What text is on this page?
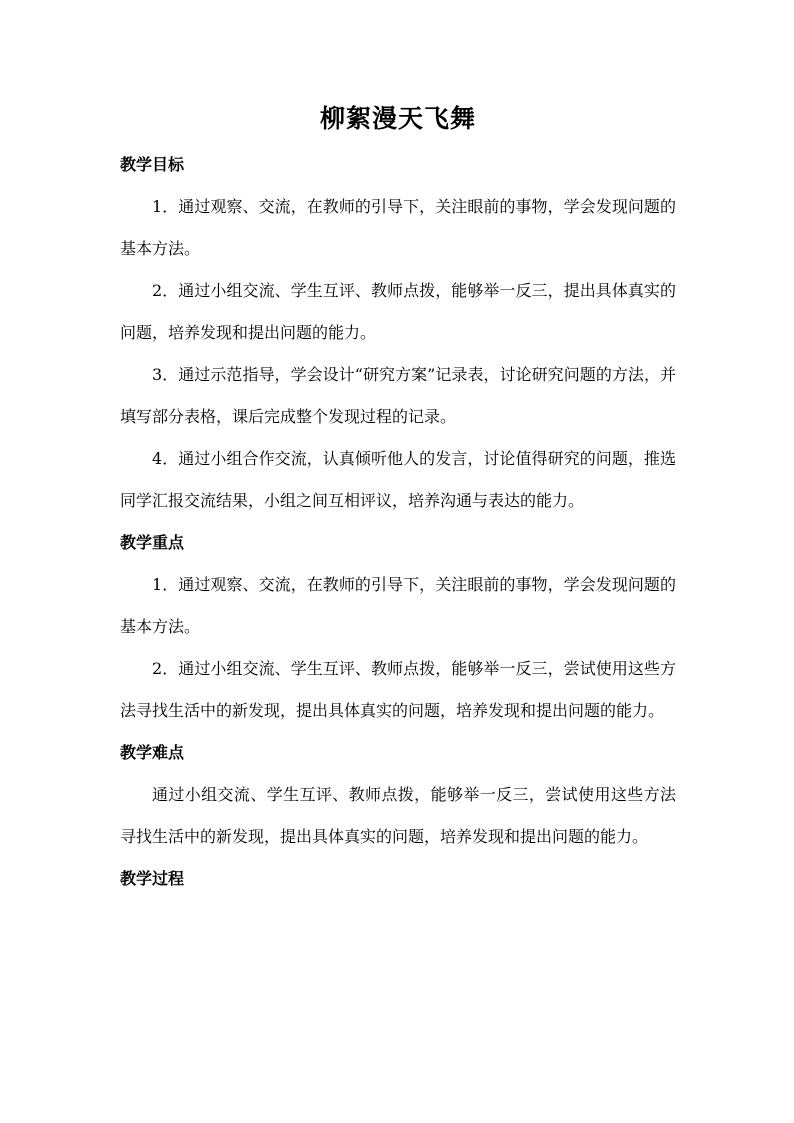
柳絮漫天飞舞
教学目标

1．通过观察、交流，在教师的引导下，关注眼前的事物，学会发现问题的基本方法。

2．通过小组交流、学生互评、教师点拨，能够举一反三，提出具体真实的问题，培养发现和提出问题的能力。

3．通过示范指导，学会设计“研究方案”记录表，讨论研究问题的方法，并填写部分表格，课后完成整个发现过程的记录。

4．通过小组合作交流，认真倾听他人的发言，讨论值得研究的问题，推选同学汇报交流结果，小组之间互相评议，培养沟通与表达的能力。

教学重点

1．通过观察、交流，在教师的引导下，关注眼前的事物，学会发现问题的基本方法。

2．通过小组交流、学生互评、教师点拨，能够举一反三，尝试使用这些方法寻找生活中的新发现，提出具体真实的问题，培养发现和提出问题的能力。

教学难点

通过小组交流、学生互评、教师点拨，能够举一反三，尝试使用这些方法寻找生活中的新发现，提出具体真实的问题，培养发现和提出问题的能力。

教学过程
